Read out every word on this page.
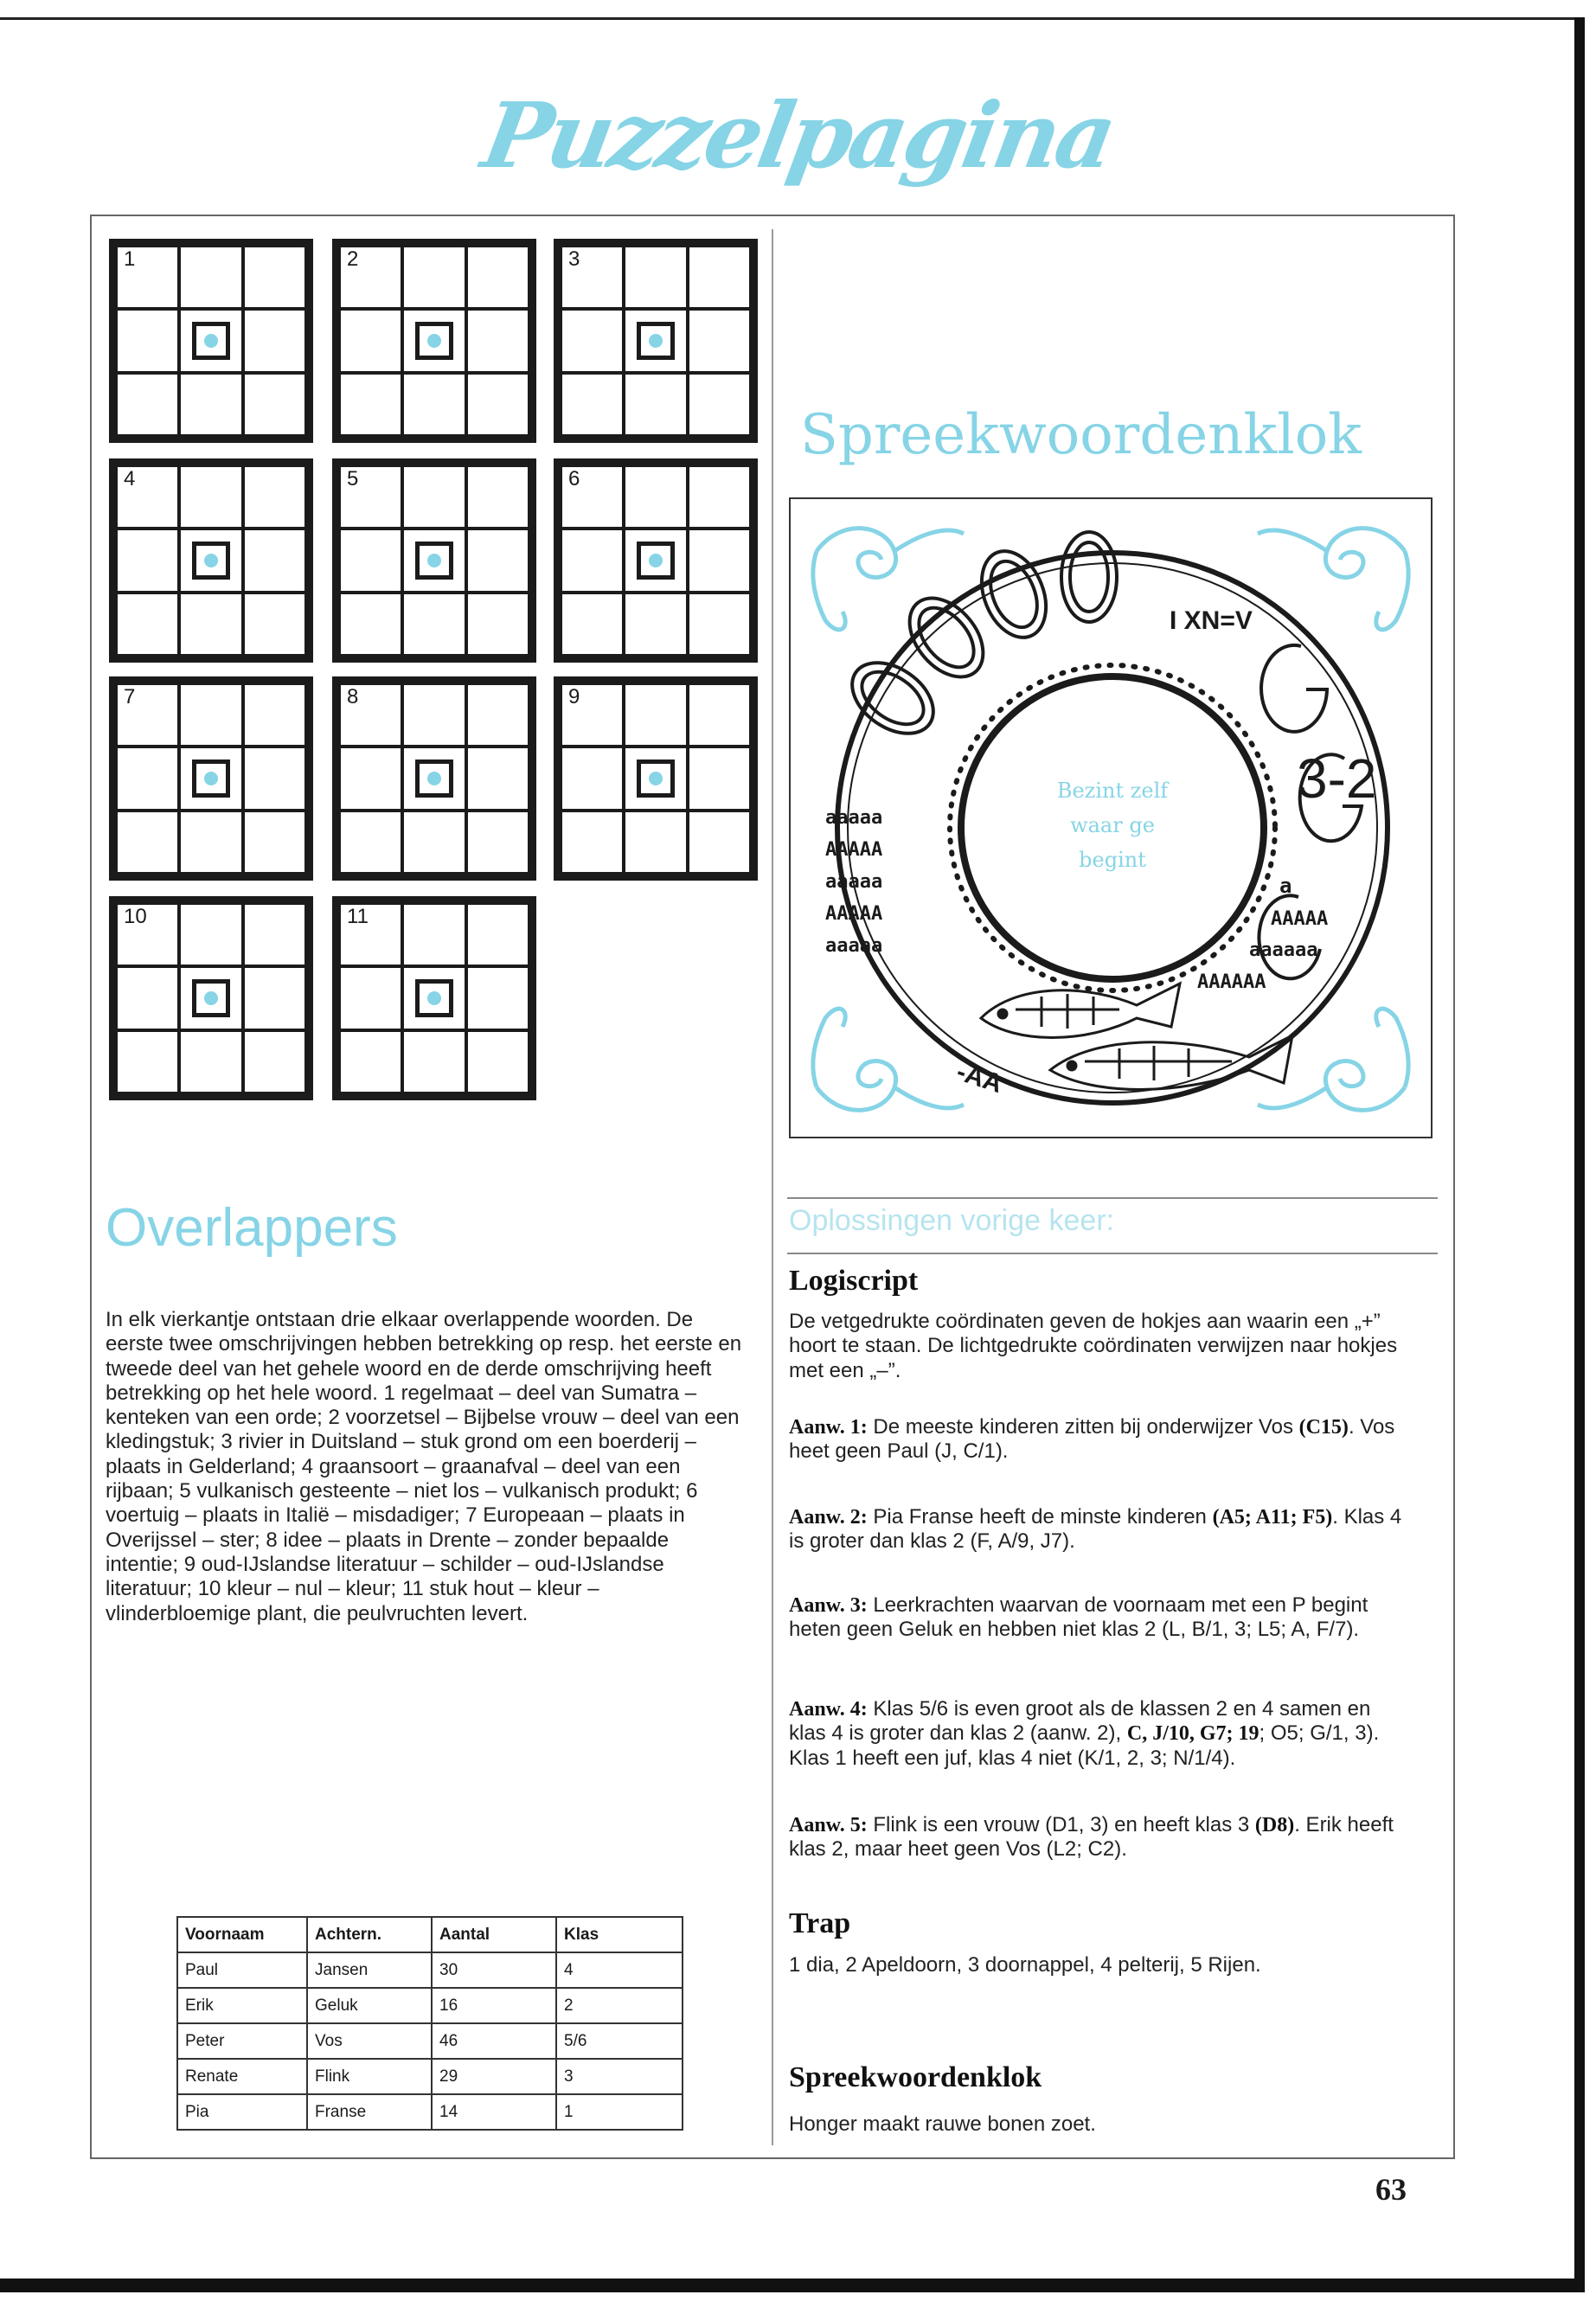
Puzzelpagina
1	2	3
4	5	6
7	8	9
10	11
Overlappers
In elk vierkantje ontstaan drie elkaar overlappende woorden. De eerste twee omschrijvingen hebben betrekking op resp. het eerste en tweede deel van het gehele woord en de derde omschrijving heeft betrekking op het hele woord. 1 regelmaat – deel van Sumatra – kenteken van een orde; 2 voorzetsel – Bijbelse vrouw – deel van een kledingstuk; 3 rivier in Duitsland – stuk grond om een boerderij – plaats in Gelderland; 4 graansoort – graanafval – deel van een rijbaan; 5 vulkanisch gesteente – niet los – vulkanisch produkt; 6 voertuig – plaats in Italië – misdadiger; 7 Europeaan – plaats in Overijssel – ster; 8 idee – plaats in Drente – zonder bepaalde intentie; 9 oud-IJslandse literatuur – schilder – oud-IJslandse literatuur; 10 kleur – nul – kleur; 11 stuk hout – kleur – vlinderbloemige plant, die peulvruchten levert.
Voornaam	Achtern.	Aantal	Klas
Paul	Jansen	30	4
Erik	Geluk	16	2
Peter	Vos	46	5/6
Renate	Flink	29	3
Pia	Franse	14	1
Spreekwoordenklok
Bezint zelf
waar ge
begint
I XN=V
3-2
aaaaa
AAAAA
aaaaa
AAAAA
aaaaa
a
AAAAA
aaaaaa
AAAAAA
-AA
Oplossingen vorige keer:
Logiscript
De vetgedrukte coördinaten geven de hokjes aan waarin een „+” hoort te staan. De lichtgedrukte coördinaten verwijzen naar hokjes met een „–”.
Aanw. 1: De meeste kinderen zitten bij onderwijzer Vos (C15). Vos heet geen Paul (J, C/1).
Aanw. 2: Pia Franse heeft de minste kinderen (A5; A11; F5). Klas 4 is groter dan klas 2 (F, A/9, J7).
Aanw. 3: Leerkrachten waarvan de voornaam met een P begint heten geen Geluk en hebben niet klas 2 (L, B/1, 3; L5; A, F/7).
Aanw. 4: Klas 5/6 is even groot als de klassen 2 en 4 samen en klas 4 is groter dan klas 2 (aanw. 2), C, J/10, G7; 19; O5; G/1, 3). Klas 1 heeft een juf, klas 4 niet (K/1, 2, 3; N/1/4).
Aanw. 5: Flink is een vrouw (D1, 3) en heeft klas 3 (D8). Erik heeft klas 2, maar heet geen Vos (L2; C2).
Trap
1 dia, 2 Apeldoorn, 3 doornappel, 4 pelterij, 5 Rijen.
Spreekwoordenklok
Honger maakt rauwe bonen zoet.
63
